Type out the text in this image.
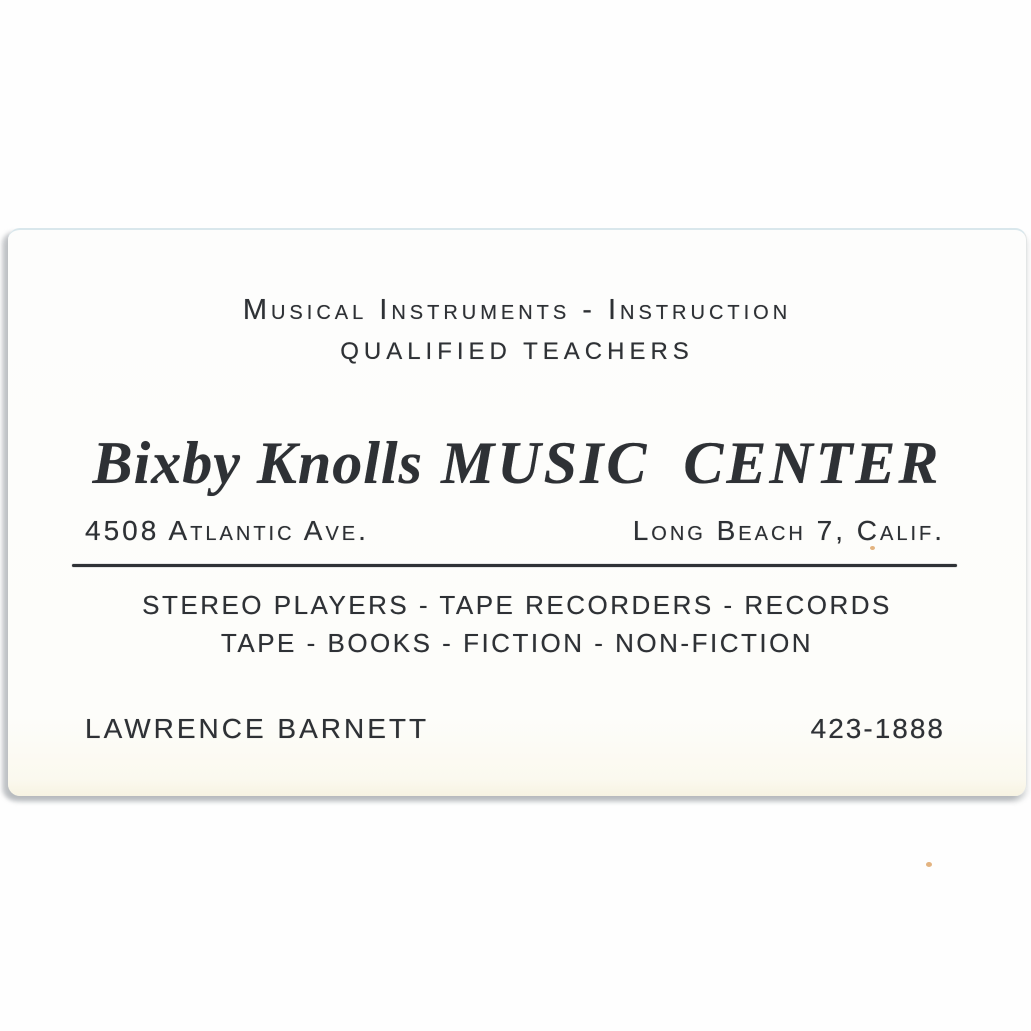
Musical Instruments - Instruction
QUALIFIED TEACHERS
Bixby Knolls MUSIC CENTER
4508 Atlantic Ave.	Long Beach 7, Calif.
STEREO PLAYERS - TAPE RECORDERS - RECORDS
TAPE - BOOKS - FICTION - NON-FICTION
LAWRENCE BARNETT	423-1888
